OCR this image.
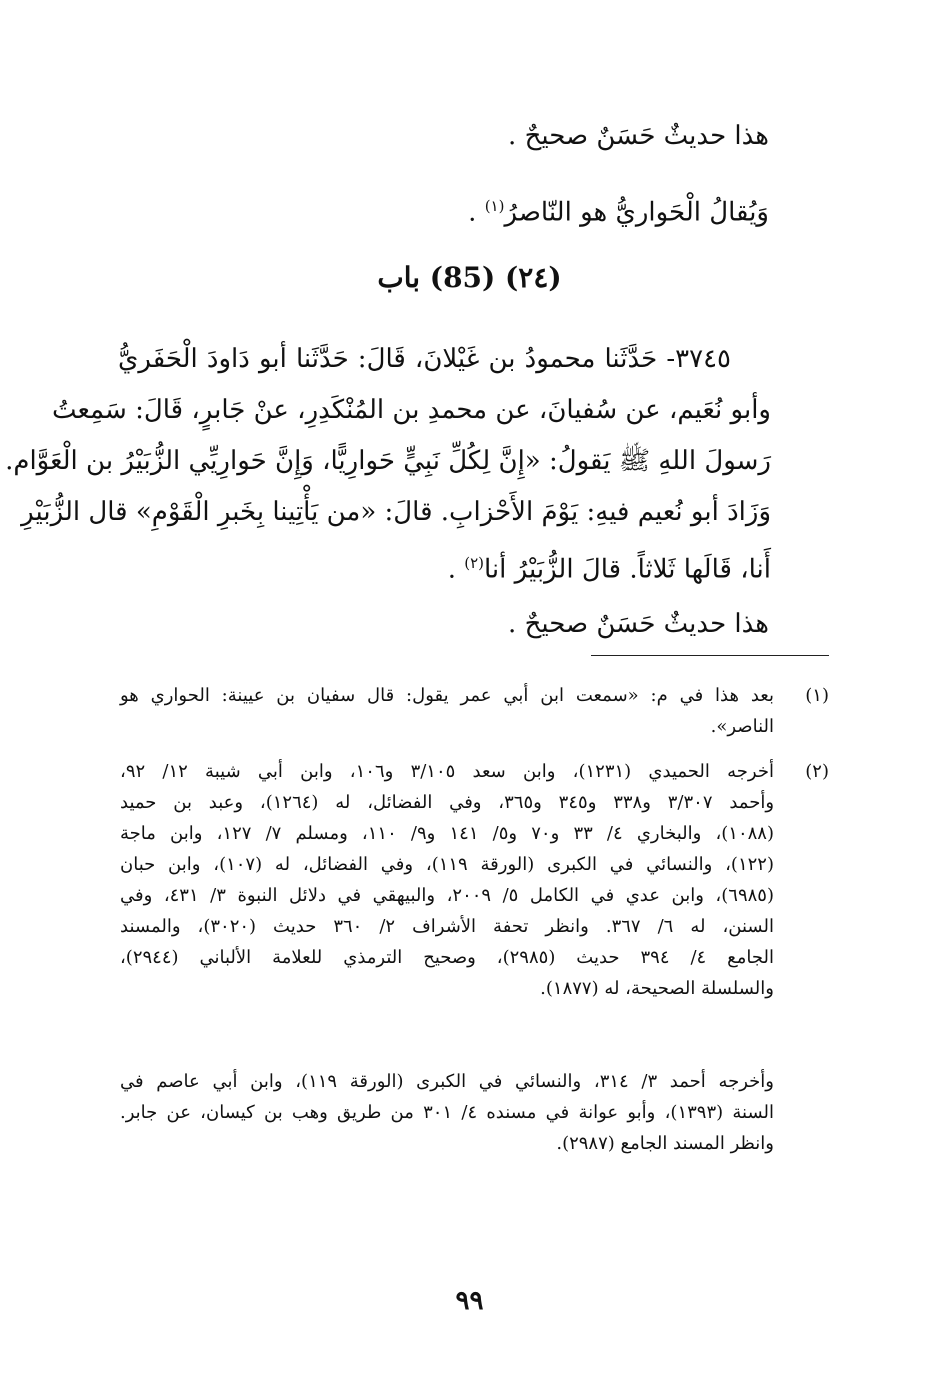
هذا حديثٌ حَسَنٌ صحيحٌ .
وَيُقالُ الْحَواريُّ هو النّاصرُ$^{(١)}$ .
(٢٤) (85) باب
٣٧٤٥- حَدَّثَنا محمودُ بن غَيْلانَ، قَالَ: حَدَّثَنا أبو دَاودَ الْحَفَريُّ
وأبو نُعَيم، عن سُفيانَ، عن محمدِ بن المُنْكَدِرِ، عنْ جَابرٍ، قَالَ: سَمِعتُ
رَسولَ اللهِ ﷺ يَقولُ: «إِنَّ لِكُلِّ نَبِيٍّ حَوارِيًّا، وَإِنَّ حَوارِيِّي الزُّبَيْرُ بن الْعَوَّام.
وَزَادَ أبو نُعيم فيهِ: يَوْمَ الأَحْزابِ. قالَ: «من يَأْتِينا بِخَبرِ الْقَوْمِ» قال الزُّبَيْرِ
أَنا، قَالَها ثَلاثاً. قالَ الزُّبَيْرُ أنا$^{(٢)}$ .
هذا حديثٌ حَسَنٌ صحيحٌ .
(١)
بعد هذا في م: «سمعت ابن أبي عمر يقول: قال سفيان بن عيينة: الحواري هو
الناصر».
(٢)
أخرجه الحميدي (١٢٣١)، وابن سعد ٣/١٠٥ و١٠٦، وابن أبي شيبة ١٢/ ٩٢،
وأحمد ٣/٣٠٧ و٣٣٨ و٣٤٥ و٣٦٥، وفي الفضائل، له (١٢٦٤)، وعبد بن حميد
(١٠٨٨)، والبخاري ٤/ ٣٣ و٧٠ و٥/ ١٤١ و٩/ ١١٠، ومسلم ٧/ ١٢٧، وابن ماجة
(١٢٢)، والنسائي في الكبرى (الورقة ١١٩)، وفي الفضائل، له (١٠٧)، وابن حبان
(٦٩٨٥)، وابن عدي في الكامل ٥/ ٢٠٠٩، والبيهقي في دلائل النبوة ٣/ ٤٣١، وفي
السنن، له ٦/ ٣٦٧. وانظر تحفة الأشراف ٢/ ٣٦٠ حديث (٣٠٢٠)، والمسند
الجامع ٤/ ٣٩٤ حديث (٢٩٨٥)، وصحيح الترمذي للعلامة الألباني (٢٩٤٤)،
والسلسلة الصحيحة، له (١٨٧٧).
وأخرجه أحمد ٣/ ٣١٤، والنسائي في الكبرى (الورقة ١١٩)، وابن أبي عاصم في
السنة (١٣٩٣)، وأبو عوانة في مسنده ٤/ ٣٠١ من طريق وهب بن كيسان، عن جابر.
وانظر المسند الجامع (٢٩٨٧).
٩٩
